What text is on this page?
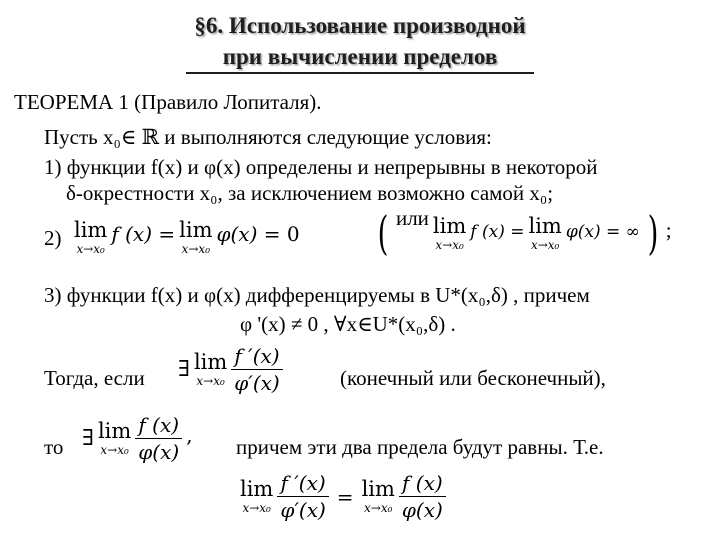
§6. Использование производной
при вычислении пределов
ТЕОРЕМА 1 (Правило Лопиталя).
Пусть x₀∈ ℝ и выполняются следующие условия:
1) функции f(x) и φ(x) определены и непрерывны в некоторой
δ-окрестности x₀, за исключением возможно самой x₀;
2) lim
x→x₀
f (x) = lim
x→x₀
φ(x) = 0 ( или lim
x→x₀
f (x) = lim
x→x₀
φ(x) = ∞ ) ;
3) функции f(x) и φ(x) дифференцируемы в U*(x₀,δ) , причем
φ '(x) ≠ 0 , ∀x∈U*(x₀,δ) .
Тогда, если ∃ lim
x→x₀
$\frac{f '(x)}{\varphi'(x)}$	(конечный или бесконечный),
то ∃ lim
x→x₀
$\frac{f (x)}{\varphi(x)}$ , причем эти два предела будут равны. Т.е.
lim
x→x₀
$\frac{f '(x)}{\varphi'(x)} = \lim$
x→x₀
$\frac{f (x)}{\varphi(x)}$
